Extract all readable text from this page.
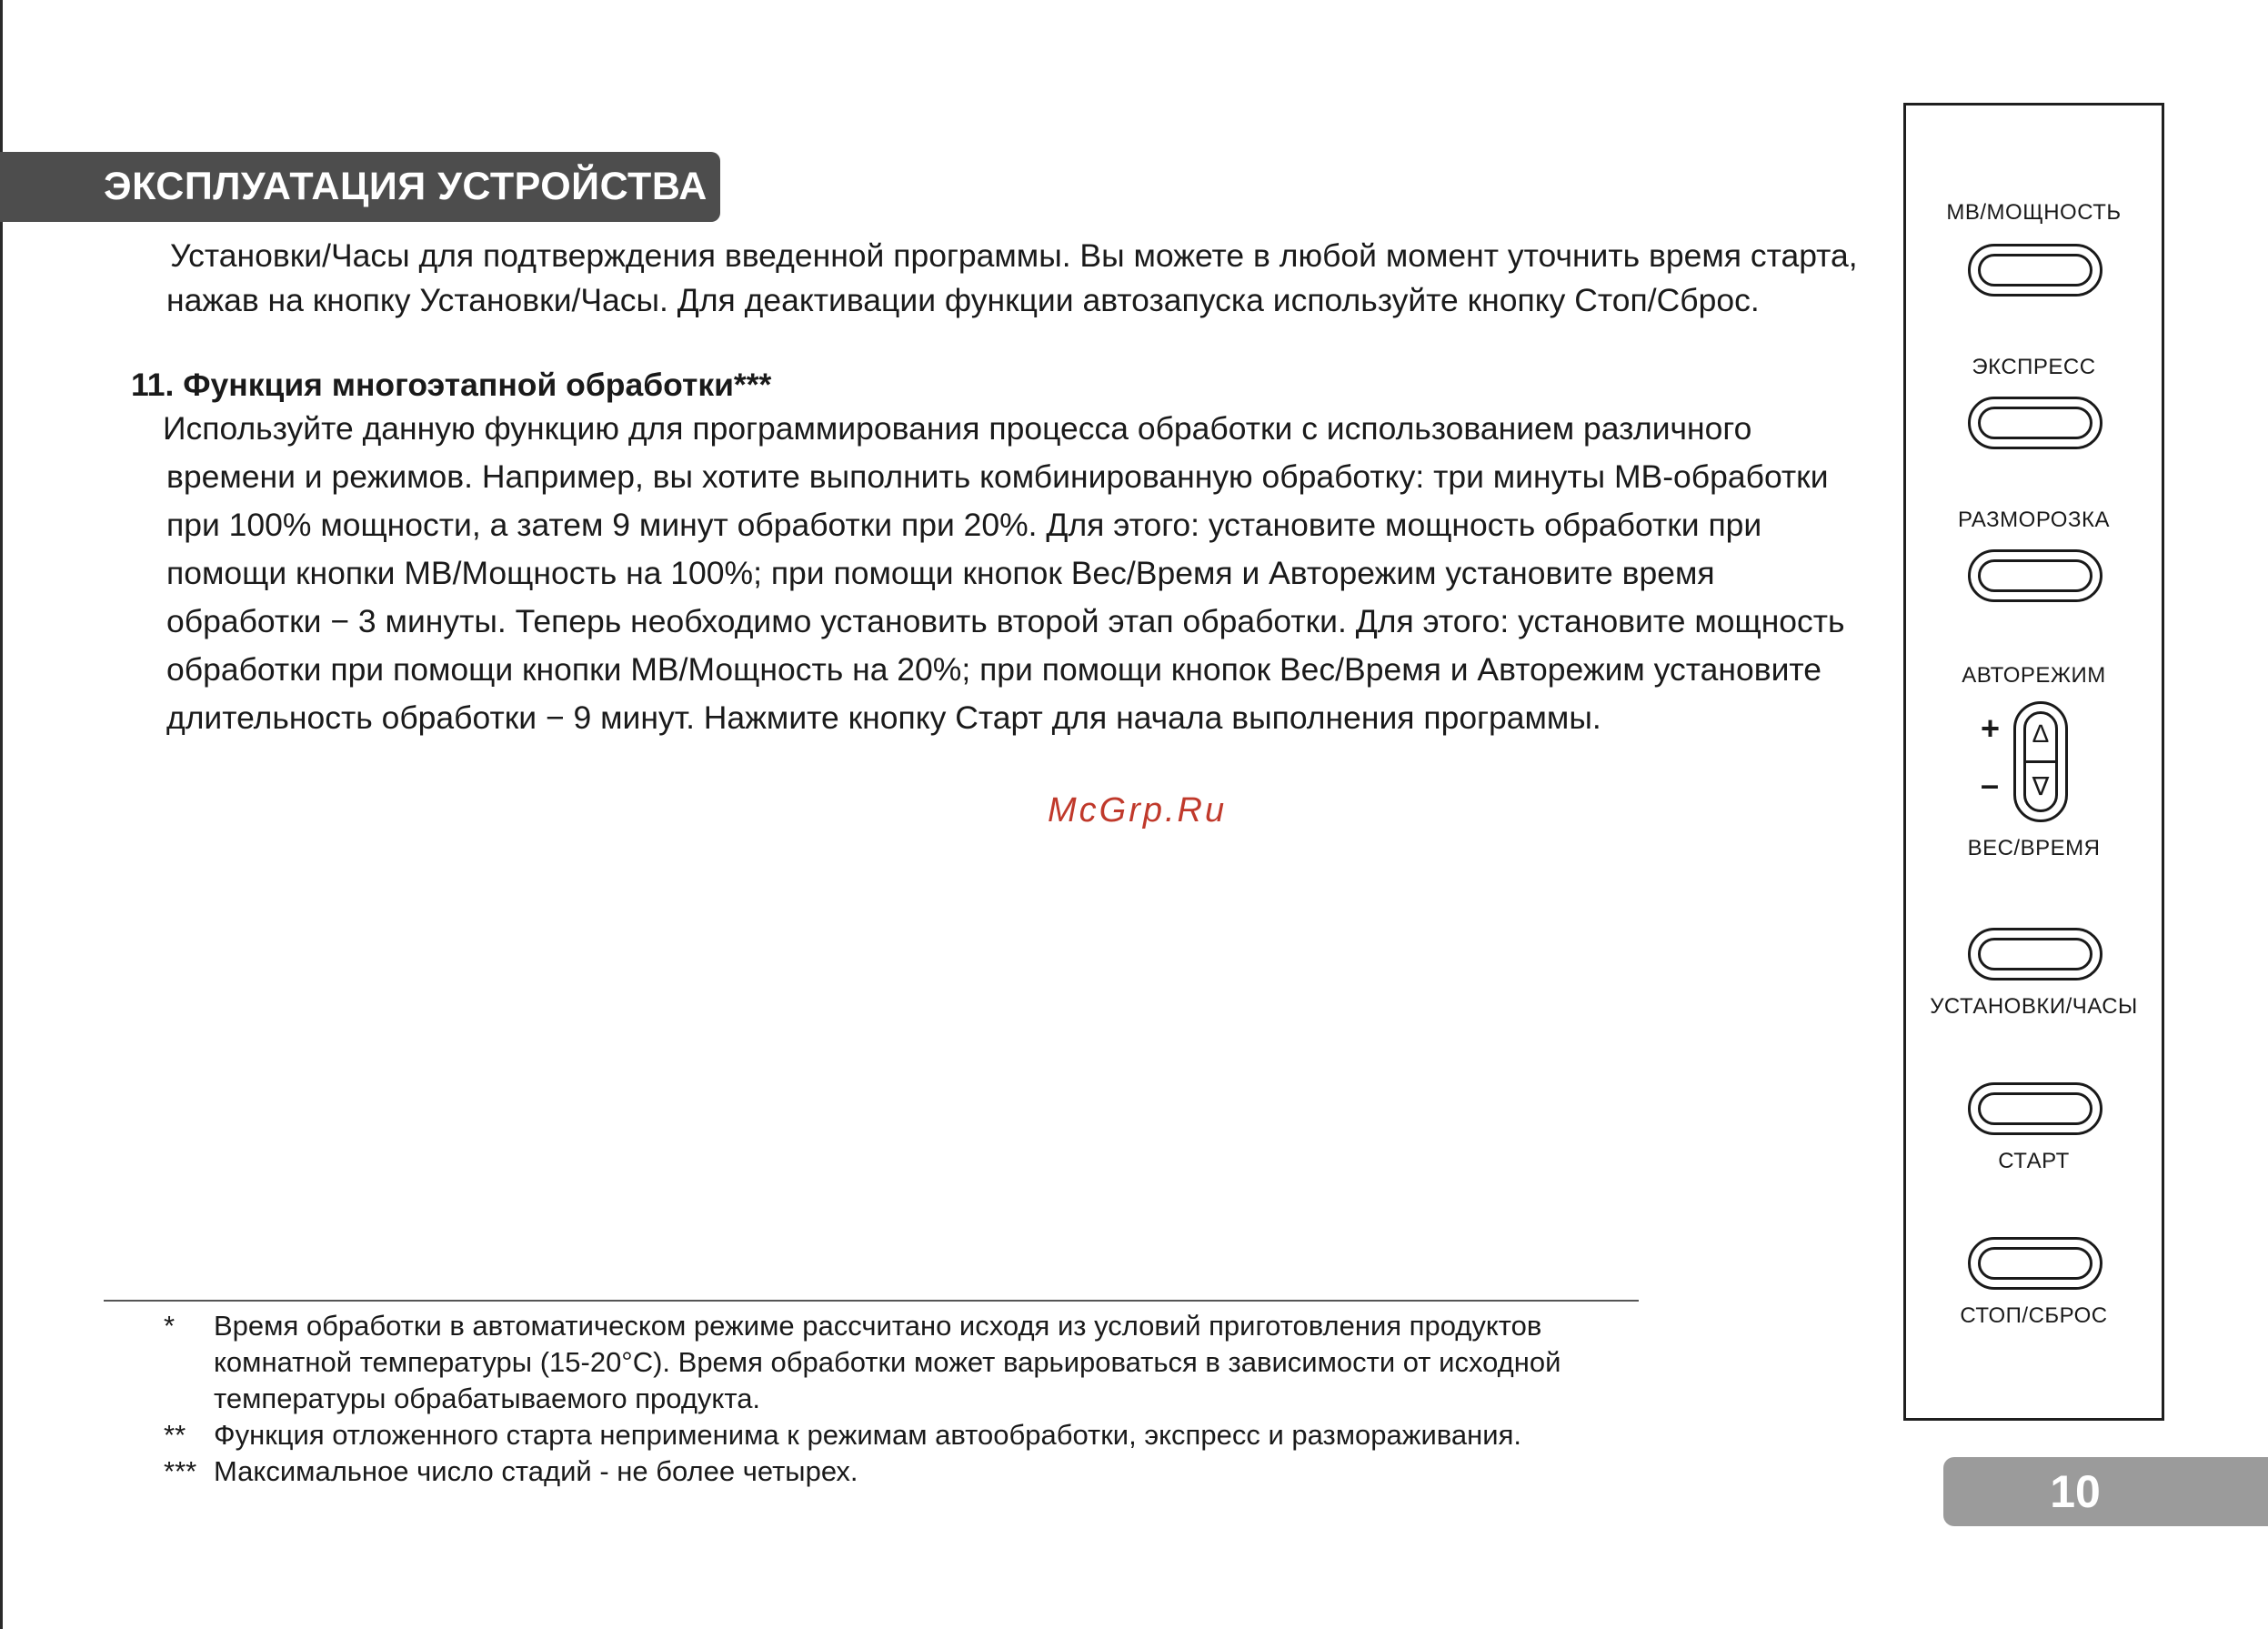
ЭКСПЛУАТАЦИЯ УСТРОЙСТВА

Установки/Часы для подтверждения введенной программы. Вы можете в любой момент уточнить время старта, нажав на кнопку Установки/Часы. Для деактивации функции автозапуска используйте кнопку Стоп/Сброс.

11. Функция многоэтапной обработки***

Используйте данную функцию для программирования процесса обработки с использованием различного времени и режимов. Например, вы хотите выполнить комбинированную обработку: три минуты МВ-обработки при 100% мощности, а затем 9 минут обработки при 20%. Для этого: установите мощность обработки при помощи кнопки МВ/Мощность на 100%; при помощи кнопок Вес/Время и Авторежим установите время обработки − 3 минуты. Теперь необходимо установить второй этап обработки. Для этого: установите мощность обработки при помощи кнопки МВ/Мощность на 20%; при помощи кнопок Вес/Время и Авторежим установите длительность обработки − 9 минут. Нажмите кнопку Старт для начала выполнения программы.

McGrp.Ru
* Время обработки в автоматическом режиме рассчитано исходя из условий приготовления продуктов комнатной температуры (15-20°С). Время обработки может варьироваться в зависимости от исходной температуры обрабатываемого продукта.
** Функция отложенного старта неприменима к режимам автообработки, экспресс и размораживания.
*** Максимальное число стадий - не более четырех.
МВ/МОЩНОСТЬ
ЭКСПРЕСС
РАЗМОРОЗКА
АВТОРЕЖИМ
+
–
∆
∇
ВЕС/ВРЕМЯ
УСТАНОВКИ/ЧАСЫ
СТАРТ
СТОП/СБРОС
10
